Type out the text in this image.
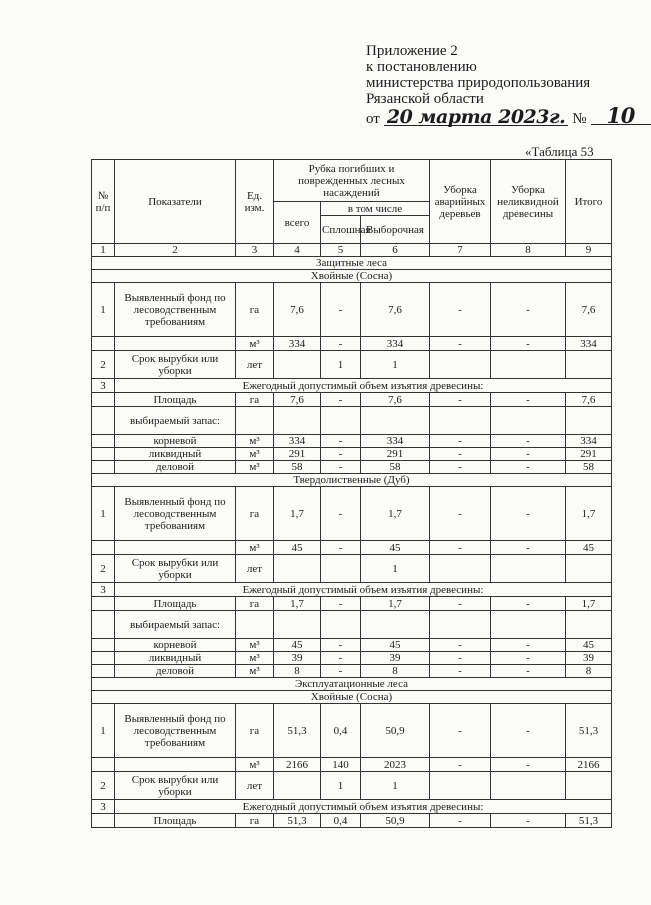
Приложение 2
к постановлению
министерства природопользования
Рязанской области
от 20 марта 2023г. № 10
«Таблица 53
№ п/п	Показатели	Ед. изм.	Рубка погибших и поврежденных лесных насаждений			Уборка аварийных деревьев	Уборка неликвидной древесины	Итого
			всего	в том числе				
				Сплошная	Выборочная			
1	2	3	4	5	6	7	8	9
Защитные леса								
Хвойные (Сосна)								
1	Выявленный фонд по лесоводственным требованиям	га	7,6	-	7,6	-	-	7,6
		м³	334	-	334	-	-	334
2	Срок вырубки или уборки	лет		1	1			
3	Ежегодный допустимый объем изъятия древесины:							
	Площадь	га	7,6	-	7,6	-	-	7,6
	выбираемый запас:							
	корневой	м³	334	-	334	-	-	334
	ликвидный	м³	291	-	291	-	-	291
	деловой	м³	58	-	58	-	-	58
Твердолиственные (Дуб)								
1	Выявленный фонд по лесоводственным требованиям	га	1,7	-	1,7	-	-	1,7
		м³	45	-	45	-	-	45
2	Срок вырубки или уборки	лет			1			
3	Ежегодный допустимый объем изъятия древесины:							
	Площадь	га	1,7	-	1,7	-	-	1,7
	выбираемый запас:							
	корневой	м³	45	-	45	-	-	45
	ликвидный	м³	39	-	39	-	-	39
	деловой	м³	8	-	8	-	-	8
Эксплуатационные леса								
Хвойные (Сосна)								
1	Выявленный фонд по лесоводственным требованиям	га	51,3	0,4	50,9	-	-	51,3
		м³	2166	140	2023	-	-	2166
2	Срок вырубки или уборки	лет		1	1			
3	Ежегодный допустимый объем изъятия древесины:							
	Площадь	га	51,3	0,4	50,9	-	-	51,3
